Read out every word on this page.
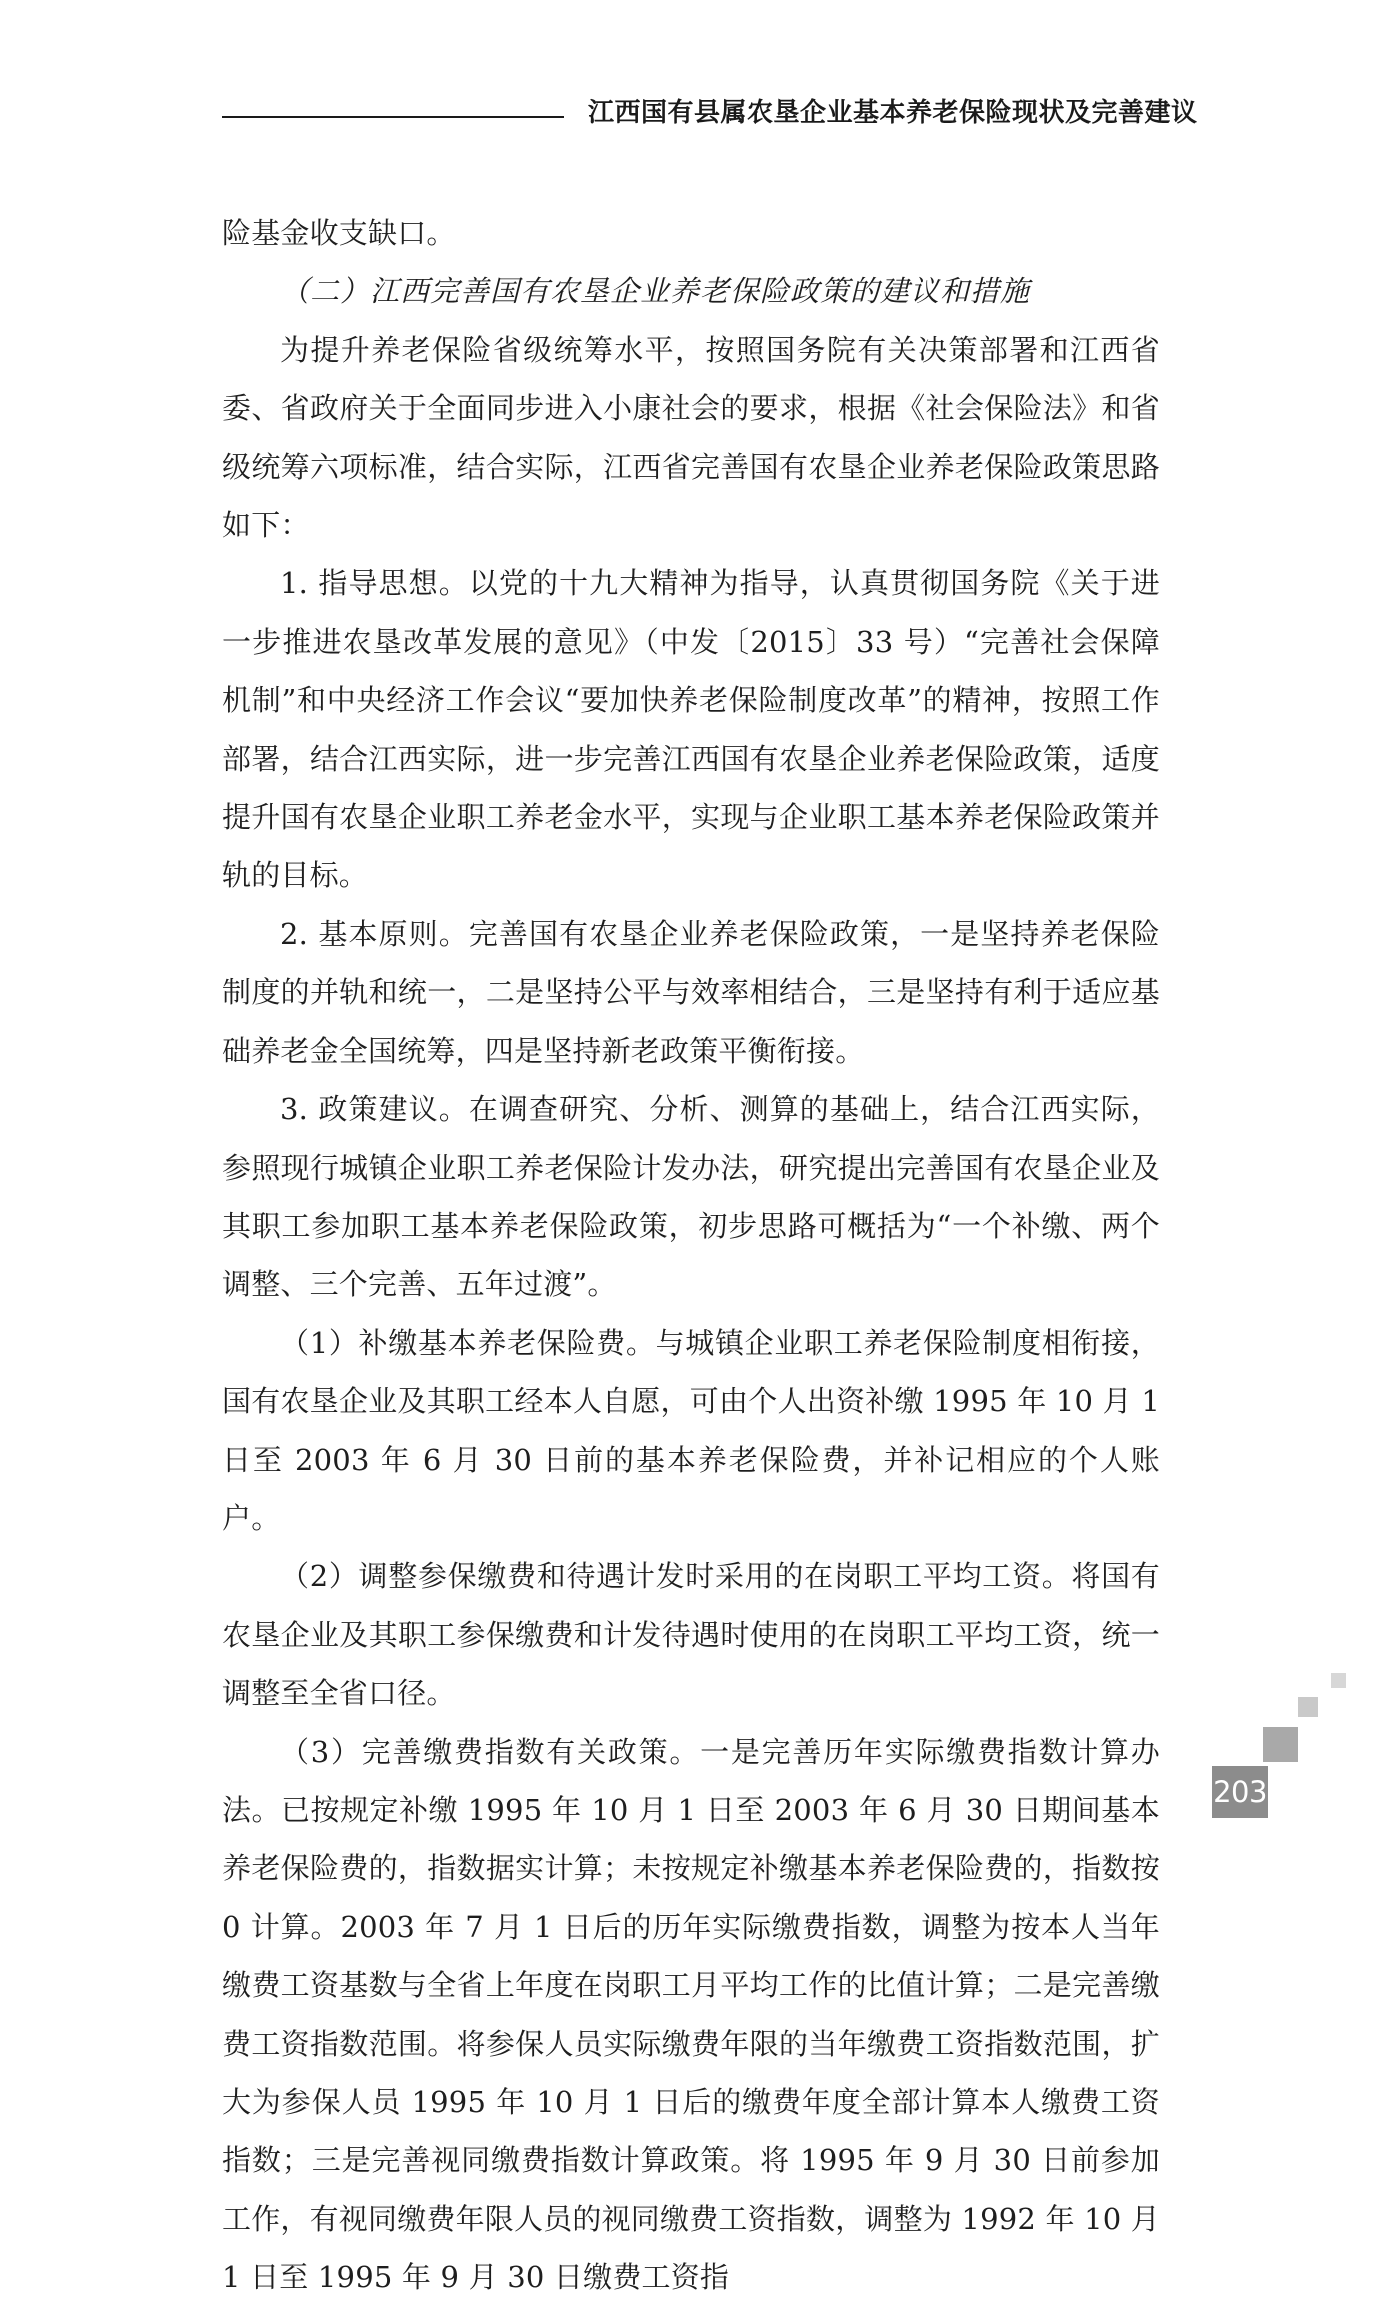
江西国有县属农垦企业基本养老保险现状及完善建议

险基金收支缺口。

（二）江西完善国有农垦企业养老保险政策的建议和措施

为提升养老保险省级统筹水平，按照国务院有关决策部署和江西省委、省政府关于全面同步进入小康社会的要求，根据《社会保险法》和省级统筹六项标准，结合实际，江西省完善国有农垦企业养老保险政策思路如下：

1. 指导思想。以党的十九大精神为指导，认真贯彻国务院《关于进一步推进农垦改革发展的意见》（中发〔2015〕33 号）“完善社会保障机制”和中央经济工作会议“要加快养老保险制度改革”的精神，按照工作部署，结合江西实际，进一步完善江西国有农垦企业养老保险政策，适度提升国有农垦企业职工养老金水平，实现与企业职工基本养老保险政策并轨的目标。

2. 基本原则。完善国有农垦企业养老保险政策，一是坚持养老保险制度的并轨和统一，二是坚持公平与效率相结合，三是坚持有利于适应基础养老金全国统筹，四是坚持新老政策平衡衔接。

3. 政策建议。在调查研究、分析、测算的基础上，结合江西实际，参照现行城镇企业职工养老保险计发办法，研究提出完善国有农垦企业及其职工参加职工基本养老保险政策，初步思路可概括为“一个补缴、两个调整、三个完善、五年过渡”。

（1）补缴基本养老保险费。与城镇企业职工养老保险制度相衔接，国有农垦企业及其职工经本人自愿，可由个人出资补缴 1995 年 10 月 1 日至 2003 年 6 月 30 日前的基本养老保险费，并补记相应的个人账户。

（2）调整参保缴费和待遇计发时采用的在岗职工平均工资。将国有农垦企业及其职工参保缴费和计发待遇时使用的在岗职工平均工资，统一调整至全省口径。

（3）完善缴费指数有关政策。一是完善历年实际缴费指数计算办法。已按规定补缴 1995 年 10 月 1 日至 2003 年 6 月 30 日期间基本养老保险费的，指数据实计算；未按规定补缴基本养老保险费的，指数按 0 计算。2003 年 7 月 1 日后的历年实际缴费指数，调整为按本人当年缴费工资基数与全省上年度在岗职工月平均工作的比值计算；二是完善缴费工资指数范围。将参保人员实际缴费年限的当年缴费工资指数范围，扩大为参保人员 1995 年 10 月 1 日后的缴费年度全部计算本人缴费工资指数；三是完善视同缴费指数计算政策。将 1995 年 9 月 30 日前参加工作，有视同缴费年限人员的视同缴费工资指数，调整为 1992 年 10 月 1 日至 1995 年 9 月 30 日缴费工资指

203
